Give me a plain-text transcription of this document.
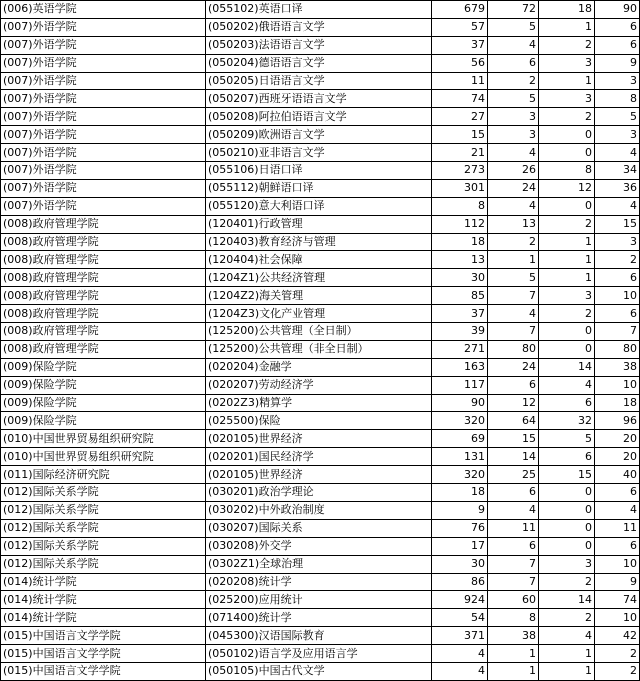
(006)英语学院	(055102)英语口译	679	72	18	90
(007)外语学院	(050202)俄语语言文学	57	5	1	6
(007)外语学院	(050203)法语语言文学	37	4	2	6
(007)外语学院	(050204)德语语言文学	56	6	3	9
(007)外语学院	(050205)日语语言文学	11	2	1	3
(007)外语学院	(050207)西班牙语语言文学	74	5	3	8
(007)外语学院	(050208)阿拉伯语语言文学	27	3	2	5
(007)外语学院	(050209)欧洲语言文学	15	3	0	3
(007)外语学院	(050210)亚非语言文学	21	4	0	4
(007)外语学院	(055106)日语口译	273	26	8	34
(007)外语学院	(055112)朝鲜语口译	301	24	12	36
(007)外语学院	(055120)意大利语口译	8	4	0	4
(008)政府管理学院	(120401)行政管理	112	13	2	15
(008)政府管理学院	(120403)教育经济与管理	18	2	1	3
(008)政府管理学院	(120404)社会保障	13	1	1	2
(008)政府管理学院	(1204Z1)公共经济管理	30	5	1	6
(008)政府管理学院	(1204Z2)海关管理	85	7	3	10
(008)政府管理学院	(1204Z3)文化产业管理	37	4	2	6
(008)政府管理学院	(125200)公共管理（全日制）	39	7	0	7
(008)政府管理学院	(125200)公共管理（非全日制）	271	80	0	80
(009)保险学院	(020204)金融学	163	24	14	38
(009)保险学院	(020207)劳动经济学	117	6	4	10
(009)保险学院	(0202Z3)精算学	90	12	6	18
(009)保险学院	(025500)保险	320	64	32	96
(010)中国世界贸易组织研究院	(020105)世界经济	69	15	5	20
(010)中国世界贸易组织研究院	(020201)国民经济学	131	14	6	20
(011)国际经济研究院	(020105)世界经济	320	25	15	40
(012)国际关系学院	(030201)政治学理论	18	6	0	6
(012)国际关系学院	(030202)中外政治制度	9	4	0	4
(012)国际关系学院	(030207)国际关系	76	11	0	11
(012)国际关系学院	(030208)外交学	17	6	0	6
(012)国际关系学院	(0302Z1)全球治理	30	7	3	10
(014)统计学院	(020208)统计学	86	7	2	9
(014)统计学院	(025200)应用统计	924	60	14	74
(014)统计学院	(071400)统计学	54	8	2	10
(015)中国语言文学学院	(045300)汉语国际教育	371	38	4	42
(015)中国语言文学学院	(050102)语言学及应用语言学	4	1	1	2
(015)中国语言文学学院	(050105)中国古代文学	4	1	1	2
